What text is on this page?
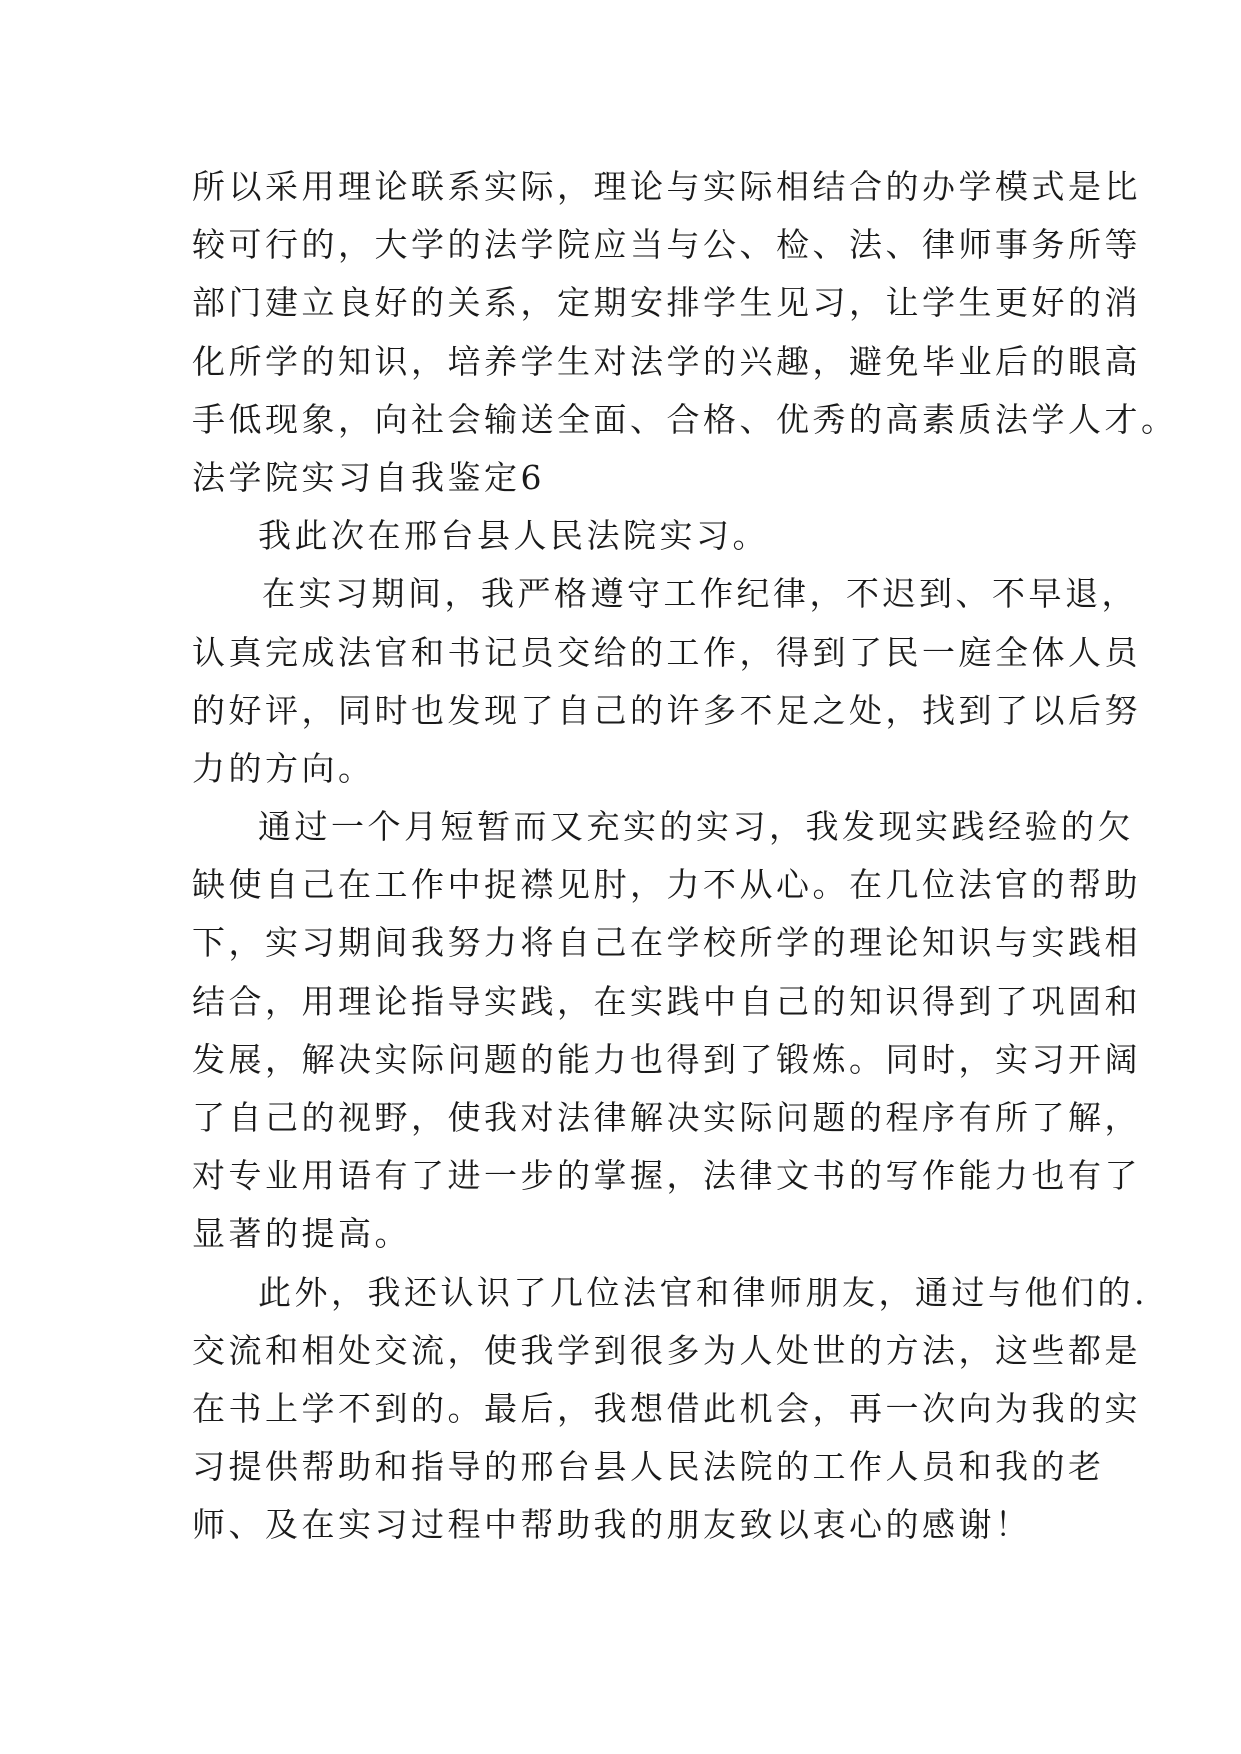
所以采用理论联系实际，理论与实际相结合的办学模式是比
较可行的，大学的法学院应当与公、检、法、律师事务所等
部门建立良好的关系，定期安排学生见习，让学生更好的消
化所学的知识，培养学生对法学的兴趣，避免毕业后的眼高
手低现象，向社会输送全面、合格、优秀的高素质法学人才。
法学院实习自我鉴定6
我此次在邢台县人民法院实习。
在实习期间，我严格遵守工作纪律，不迟到、不早退，
认真完成法官和书记员交给的工作，得到了民一庭全体人员
的好评，同时也发现了自己的许多不足之处，找到了以后努
力的方向。
通过一个月短暂而又充实的实习，我发现实践经验的欠
缺使自己在工作中捉襟见肘，力不从心。在几位法官的帮助
下，实习期间我努力将自己在学校所学的理论知识与实践相
结合，用理论指导实践，在实践中自己的知识得到了巩固和
发展，解决实际问题的能力也得到了锻炼。同时，实习开阔
了自己的视野，使我对法律解决实际问题的程序有所了解，
对专业用语有了进一步的掌握，法律文书的写作能力也有了
显著的提高。
此外，我还认识了几位法官和律师朋友，通过与他们的.
交流和相处交流，使我学到很多为人处世的方法，这些都是
在书上学不到的。最后，我想借此机会，再一次向为我的实
习提供帮助和指导的邢台县人民法院的工作人员和我的老
师、及在实习过程中帮助我的朋友致以衷心的感谢！
